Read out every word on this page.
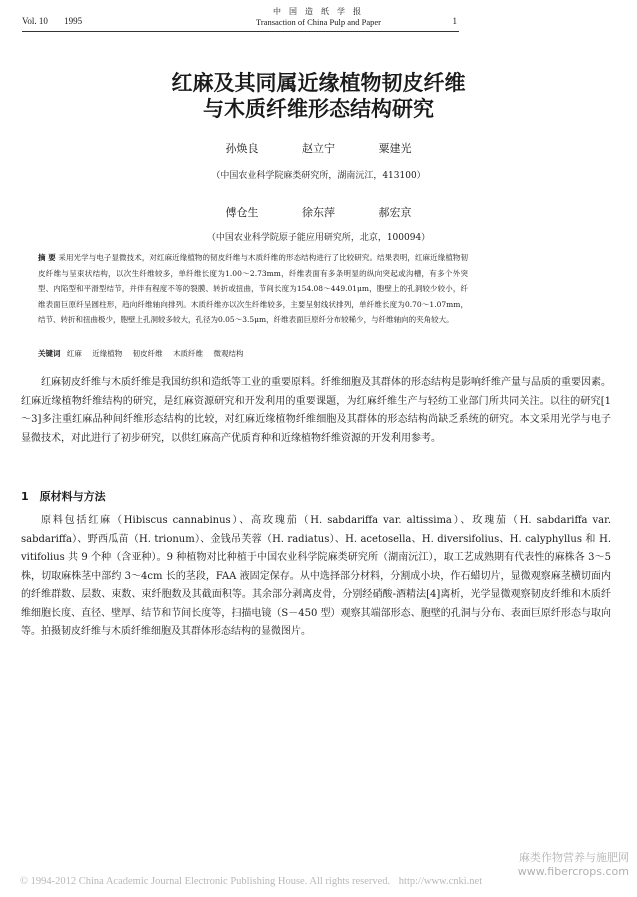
Vol. 10 1995
中 国 造 纸 学 报
Transaction of China Pulp and Paper	1
红麻及其同属近缘植物韧皮纤维
与木质纤维形态结构研究
孙焕良	赵立宁	粟建光
（中国农业科学院麻类研究所，湖南沅江，413100）
傅仓生	徐东萍	郝宏京
（中国农业科学院原子能应用研究所，北京，100094）
摘 要 采用光学与电子显微技术，对红麻近缘植物的韧皮纤维与木质纤维的形态结构进行了比较研究。结果表明，红麻近缘植物韧皮纤维与呈束状结构，以次生纤维较多，单纤维长度为1.00～2.73mm，纤维表面有多条明显的纵向突起或沟槽，有多个外突型、内陷型和平滑型结节，并伴有程度不等的裂膜、转折或扭曲，节间长度为154.08～449.01μm，胞壁上的孔洞较少较小，纤维表面巨原纤呈圆柱形，趋向纤维轴向排列。木质纤维亦以次生纤维较多，主要呈射线状排列，单纤维长度为0.70～1.07mm，结节、转折和扭曲极少，胞壁上孔洞较多较大，孔径为0.05～3.5μm，纤维表面巨原纤分布较稀少，与纤维轴向的夹角较大。
关键词 红麻 近缘植物 韧皮纤维 木质纤维 微观结构
红麻韧皮纤维与木质纤维是我国纺织和造纸等工业的重要原料。纤维细胞及其群体的形态结构是影响纤维产量与品质的重要因素。红麻近缘植物纤维结构的研究，是红麻资源研究和开发利用的重要课题，为红麻纤维生产与轻纺工业部门所共同关注。以往的研究[1～3]多注重红麻品种间纤维形态结构的比较，对红麻近缘植物纤维细胞及其群体的形态结构尚缺乏系统的研究。本文采用光学与电子显微技术，对此进行了初步研究，以供红麻高产优质育种和近缘植物纤维资源的开发利用参考。
1　原材料与方法
原料包括红麻（Hibiscus cannabinus）、高玫瑰茄（H. sabdariffa var. altissima）、玫瑰茄（H. sabdariffa var. sabdariffa）、野西瓜苗（H. trionum）、金钱吊芙蓉（H. radiatus）、H. acetosella、H. diversifolius、H. calyphyllus 和 H. vitifolius 共 9 个种（含亚种）。9 种植物对比种植于中国农业科学院麻类研究所（湖南沅江），取工艺成熟期有代表性的麻株各 3～5 株，切取麻株茎中部约 3～4cm 长的茎段，FAA 液固定保存。从中选择部分材料，分割成小块，作石蜡切片，显微观察麻茎横切面内的纤维群数、层数、束数、束纤胞数及其截面积等。其余部分剥离皮骨，分别经硝酸-酒精法[4]离析，光学显微观察韧皮纤维和木质纤维细胞长度、直径、壁厚、结节和节间长度等，扫描电镜（S－450 型）观察其端部形态、胞壁的孔洞与分布、表面巨原纤形态与取向等。拍摄韧皮纤维与木质纤维细胞及其群体形态结构的显微图片。
© 1994-2012 China Academic Journal Electronic Publishing House. All rights reserved. http://www.cnki.net
麻类作物营养与施肥网
www.fibercrops.com
